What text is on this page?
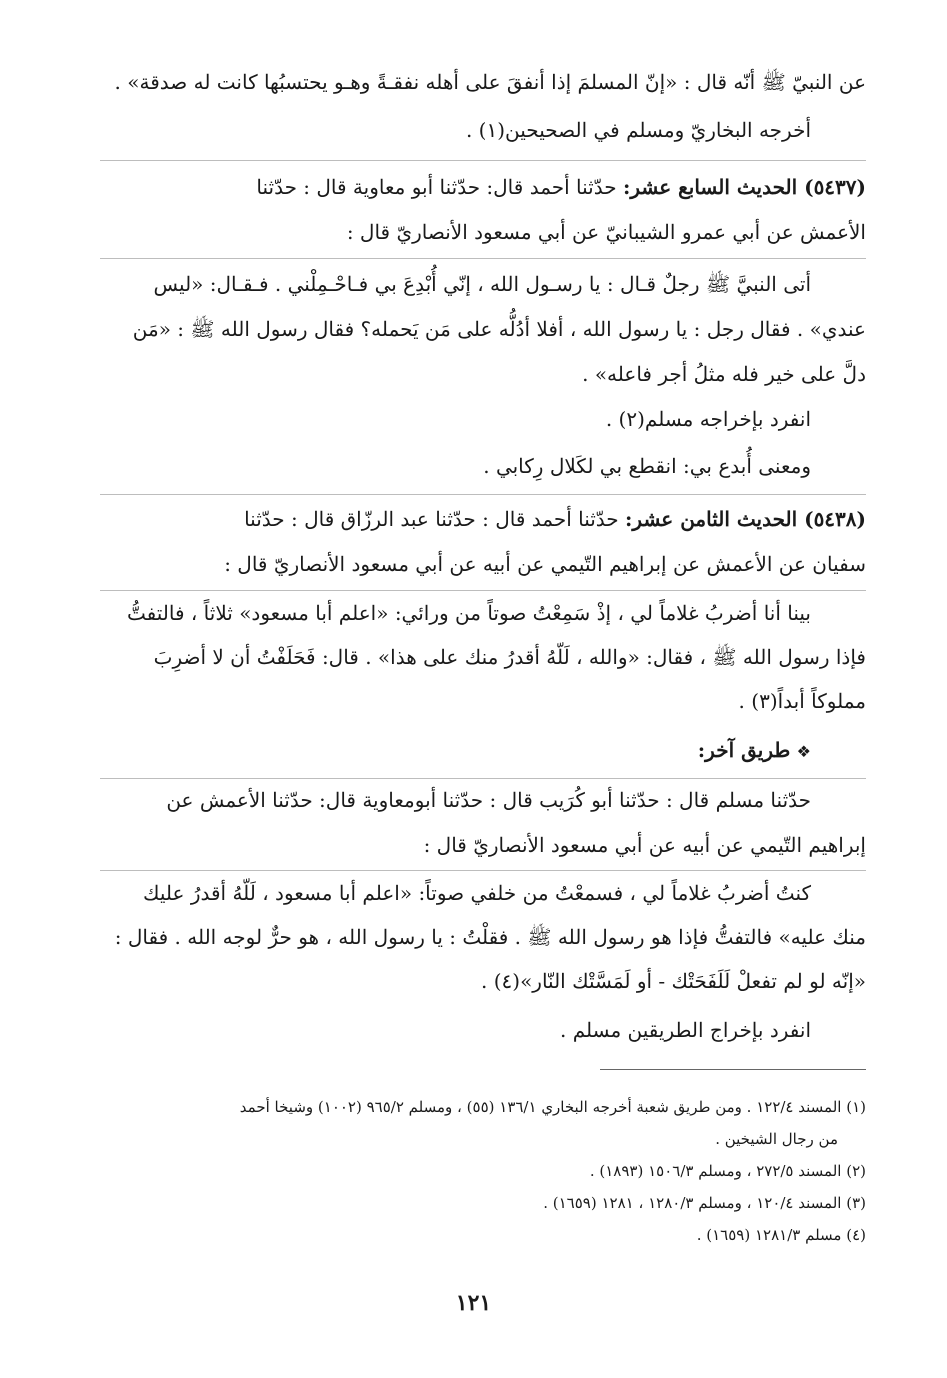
عن النبيّ ﷺ أنّه قال : «إنّ المسلمَ إذا أنفقَ على أهله نفقـةً وهـو يحتسبُها كانت له صدقة» .
أخرجه البخاريّ ومسلم في الصحيحين(١) .
(٥٤٣٧) الحديث السابع عشر: حدّثنا أحمد قال: حدّثنا أبو معاوية قال : حدّثنا
الأعمش عن أبي عمرو الشيبانيّ عن أبي مسعود الأنصاريّ قال :
أتى النبيَّ ﷺ رجلٌ قـال : يا رسـول الله ، إنّي أُبْدِعَ بي فـاحْـمِلْني . فـقـال: «ليس
عندي» . فقال رجل : يا رسول الله ، أفلا أدُلُّه على مَن يَحمله؟ فقال رسول الله ﷺ : «مَن
دلَّ على خير فله مثلُ أجر فاعله» .
انفرد بإخراجه مسلم(٢) .
ومعنى أُبدع بي: انقطع بي لكَلال رِكابي .
(٥٤٣٨) الحديث الثامن عشر: حدّثنا أحمد قال : حدّثنا عبد الرزّاق قال : حدّثنا
سفيان عن الأعمش عن إبراهيم التّيمي عن أبيه عن أبي مسعود الأنصاريّ قال :
بينا أنا أضربُ غلاماً لي ، إذْ سَمِعْتُ صوتاً من ورائي: «اعلم أبا مسعود» ثلاثاً ، فالتفتُّ
فإذا رسول الله ﷺ ، فقال: «والله ، لَلّهُ أقدرُ منك على هذا» . قال: فَحَلَفْتُ أن لا أضرِبَ
مملوكاً أبداً(٣) .
❖ طريق آخر:
حدّثنا مسلم قال : حدّثنا أبو كُرَيب قال : حدّثنا أبومعاوية قال: حدّثنا الأعمش عن
إبراهيم التّيمي عن أبيه عن أبي مسعود الأنصاريّ قال :
كنتُ أضربُ غلاماً لي ، فسمعْتُ من خلفي صوتاً: «اعلم أبا مسعود ، لَلّهُ أقدرُ عليك
منك عليه» فالتفتُّ فإذا هو رسول الله ﷺ . فقلْتُ : يا رسول الله ، هو حرٌّ لوجه الله . فقال :
«إنّه لو لم تفعلْ لَلَفَحَتْك - أو لَمَسَّتْك النّار»(٤) .
انفرد بإخراج الطريقين مسلم .
(١) المسند ١٢٢/٤ . ومن طريق شعبة أخرجه البخاري ١٣٦/١ (٥٥) ، ومسلم ٩٦٥/٢ (١٠٠٢) وشيخا أحمد
من رجال الشيخين .
(٢) المسند ٢٧٢/٥ ، ومسلم ١٥٠٦/٣ (١٨٩٣) .
(٣) المسند ١٢٠/٤ ، ومسلم ١٢٨٠/٣ ، ١٢٨١ (١٦٥٩) .
(٤) مسلم ١٢٨١/٣ (١٦٥٩) .
١٢١
